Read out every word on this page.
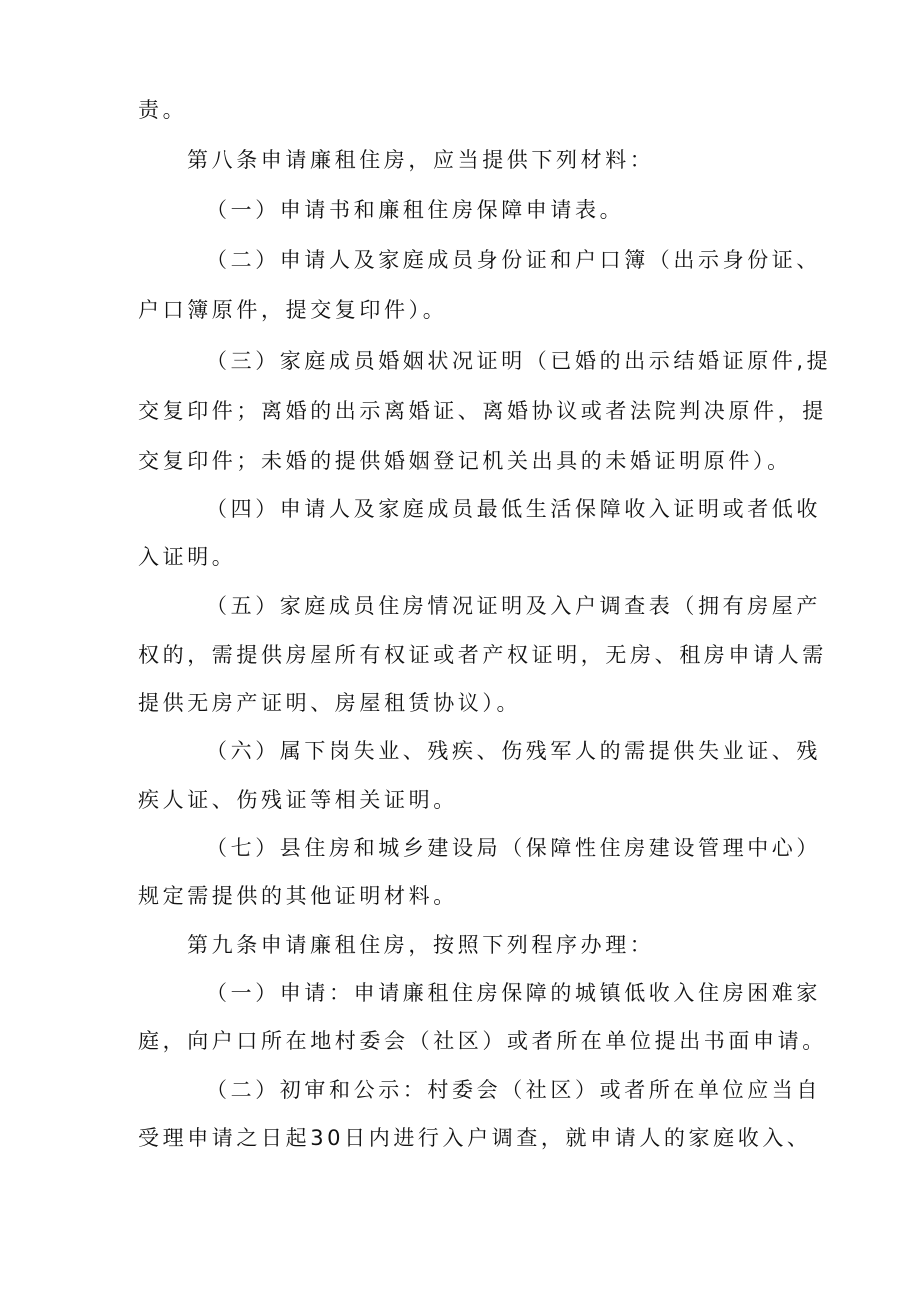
责。
第八条申请廉租住房，应当提供下列材料：
（一）申请书和廉租住房保障申请表。
（二）申请人及家庭成员身份证和户口簿（出示身份证、
户口簿原件，提交复印件）。
（三）家庭成员婚姻状况证明（已婚的出示结婚证原件,提
交复印件；离婚的出示离婚证、离婚协议或者法院判决原件，提
交复印件；未婚的提供婚姻登记机关出具的未婚证明原件）。
（四）申请人及家庭成员最低生活保障收入证明或者低收
入证明。
（五）家庭成员住房情况证明及入户调查表（拥有房屋产
权的，需提供房屋所有权证或者产权证明，无房、租房申请人需
提供无房产证明、房屋租赁协议）。
（六）属下岗失业、残疾、伤残军人的需提供失业证、残
疾人证、伤残证等相关证明。
（七）县住房和城乡建设局（保障性住房建设管理中心）
规定需提供的其他证明材料。
第九条申请廉租住房，按照下列程序办理：
（一）申请：申请廉租住房保障的城镇低收入住房困难家
庭，向户口所在地村委会（社区）或者所在单位提出书面申请。
（二）初审和公示：村委会（社区）或者所在单位应当自
受理申请之日起30日内进行入户调查，就申请人的家庭收入、
